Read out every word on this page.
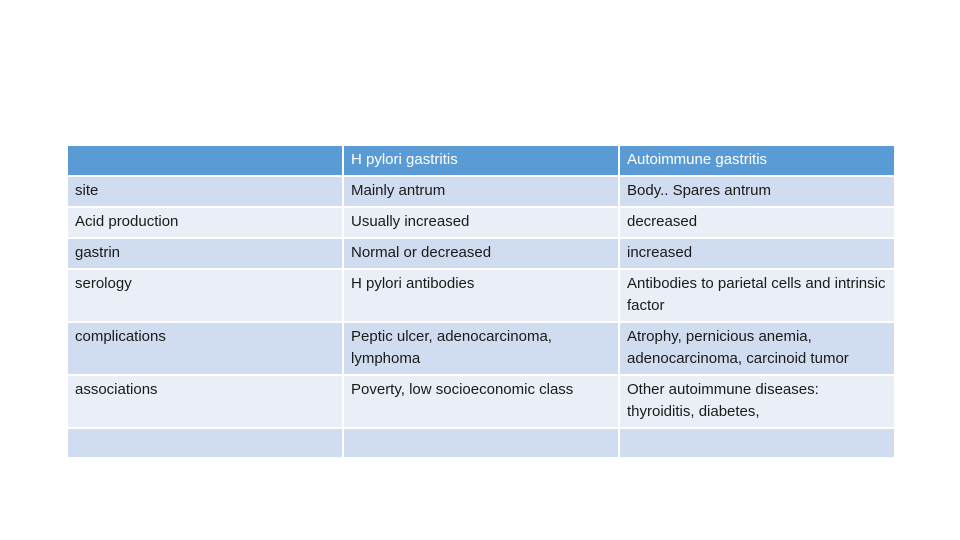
	H pylori gastritis	Autoimmune gastritis
site	Mainly antrum	Body.. Spares antrum
Acid production	Usually increased	decreased
gastrin	Normal or decreased	increased
serology	H pylori antibodies	Antibodies to parietal cells and intrinsic factor
complications	Peptic ulcer, adenocarcinoma, lymphoma	Atrophy, pernicious anemia, adenocarcinoma, carcinoid tumor
associations	Poverty, low socioeconomic class	Other autoimmune diseases: thyroiditis, diabetes,
